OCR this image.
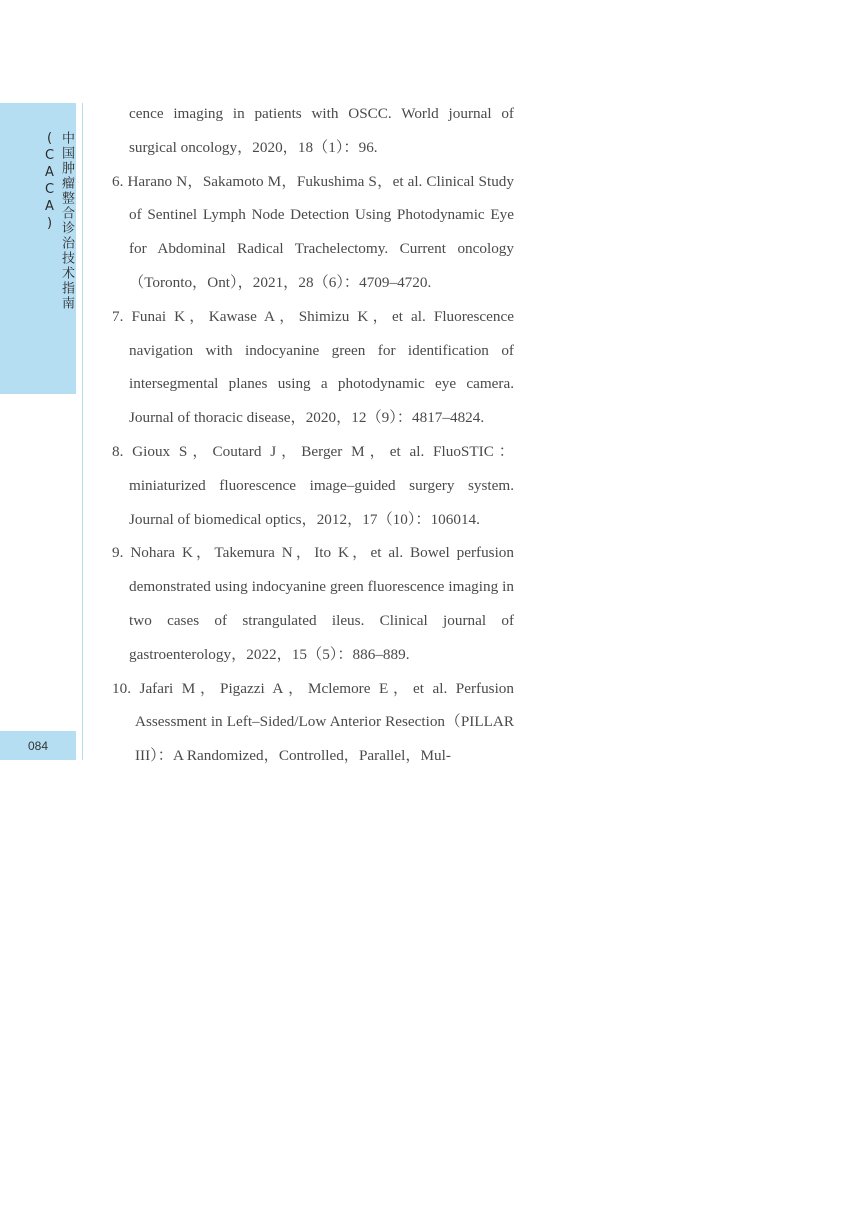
中国肿瘤整合诊治技术指南(CACA)
084
cence imaging in patients with OSCC. World journal of surgical oncology，2020，18（1）：96.
6. Harano N，Sakamoto M，Fukushima S，et al. Clinical Study of Sentinel Lymph Node Detection Using Photodynamic Eye for Abdominal Radical Trachelectomy. Current oncology（Toronto，Ont），2021，28（6）：4709–4720.
7. Funai K，Kawase A，Shimizu K，et al. Fluorescence navigation with indocyanine green for identification of intersegmental planes using a photodynamic eye camera. Journal of thoracic disease，2020，12（9）：4817–4824.
8. Gioux S，Coutard J，Berger M，et al. FluoSTIC：miniaturized fluorescence image–guided surgery system. Journal of biomedical optics，2012，17（10）：106014.
9. Nohara K，Takemura N，Ito K，et al. Bowel perfusion demonstrated using indocyanine green fluorescence imaging in two cases of strangulated ileus. Clinical journal of gastroenterology，2022，15（5）：886–889.
10. Jafari M，Pigazzi A，Mclemore E，et al. Perfusion Assessment in Left–Sided/Low Anterior Resection（PILLAR III）：A Randomized，Controlled，Parallel，Mul-
